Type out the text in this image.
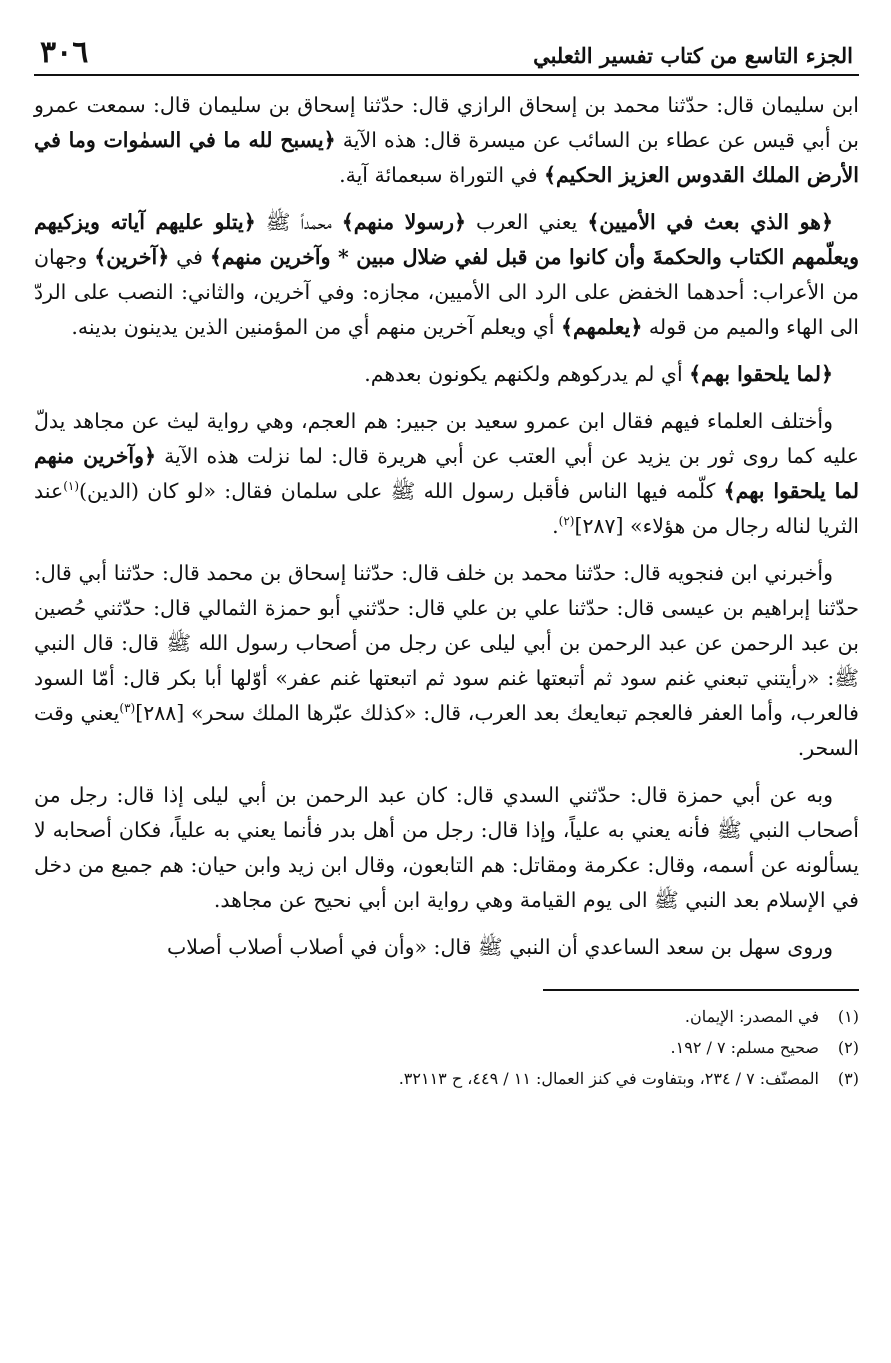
الجزء التاسع من كتاب تفسير الثعلبي
٣٠٦

ابن سليمان قال: حدّثنا محمد بن إسحاق الرازي قال: حدّثنا إسحاق بن سليمان قال: سمعت عمرو بن أبي قيس عن عطاء بن السائب عن ميسرة قال: هذه الآية ﴿يسبح لله ما في السمٰوات وما في الأرض الملك القدوس العزيز الحكيم﴾ في التوراة سبعمائة آية.

﴿هو الذي بعث في الأميين﴾ يعني العرب ﴿رسولا منهم﴾ محمداً ﷺ ﴿يتلو عليهم آياته ويزكيهم ويعلّمهم الكتاب والحكمةَ وأن كانوا من قبل لفي ضلال مبين * وآخرين منهم﴾ في ﴿آخرين﴾ وجهان من الأعراب: أحدهما الخفض على الرد الى الأميين، مجازه: وفي آخرين، والثاني: النصب على الردّ الى الهاء والميم من قوله ﴿يعلمهم﴾ أي ويعلم آخرين منهم أي من المؤمنين الذين يدينون بدينه.

﴿لما يلحقوا بهم﴾ أي لم يدركوهم ولكنهم يكونون بعدهم.

وأختلف العلماء فيهم فقال ابن عمرو سعيد بن جبير: هم العجم، وهي رواية ليث عن مجاهد يدلّ عليه كما روى ثور بن يزيد عن أبي العتب عن أبي هريرة قال: لما نزلت هذه الآية ﴿وآخرين منهم لما يلحقوا بهم﴾ كلّمه فيها الناس فأقبل رسول الله ﷺ على سلمان فقال: «لو كان (الدين)$^{(١)}$عند الثريا لناله رجال من هؤلاء» [٢٨٧]$^{(٢)}$.

وأخبرني ابن فنجويه قال: حدّثنا محمد بن خلف قال: حدّثنا إسحاق بن محمد قال: حدّثنا أبي قال: حدّثنا إبراهيم بن عيسى قال: حدّثنا علي بن علي قال: حدّثني أبو حمزة الثمالي قال: حدّثني حُصين بن عبد الرحمن عن عبد الرحمن بن أبي ليلى عن رجل من أصحاب رسول الله ﷺ قال: قال النبي ﷺ: «رأيتني تبعني غنم سود ثم أتبعتها غنم سود ثم اتبعتها غنم عفر» أوّلها أبا بكر قال: أمّا السود فالعرب، وأما العفر فالعجم تبعايعك بعد العرب، قال: «كذلك عبّرها الملك سحر» [٢٨٨]$^{(٣)}$يعني وقت السحر.

وبه عن أبي حمزة قال: حدّثني السدي قال: كان عبد الرحمن بن أبي ليلى إذا قال: رجل من أصحاب النبي ﷺ فأنه يعني به علياً، وإذا قال: رجل من أهل بدر فأنما يعني به علياً، فكان أصحابه لا يسألونه عن أسمه، وقال: عكرمة ومقاتل: هم التابعون، وقال ابن زيد وابن حيان: هم جميع من دخل في الإسلام بعد النبي ﷺ الى يوم القيامة وهي رواية ابن أبي نحيح عن مجاهد.

وروى سهل بن سعد الساعدي أن النبي ﷺ قال: «وأن في أصلاب أصلاب أصلاب

(١)
في المصدر: الإيمان.
(٢)
صحيح مسلم: ٧ / ١٩٢.
(٣)
المصنّف: ٧ / ٢٣٤، وبتفاوت في كنز العمال: ١١ / ٤٤٩، ح ٣٢١١٣.
